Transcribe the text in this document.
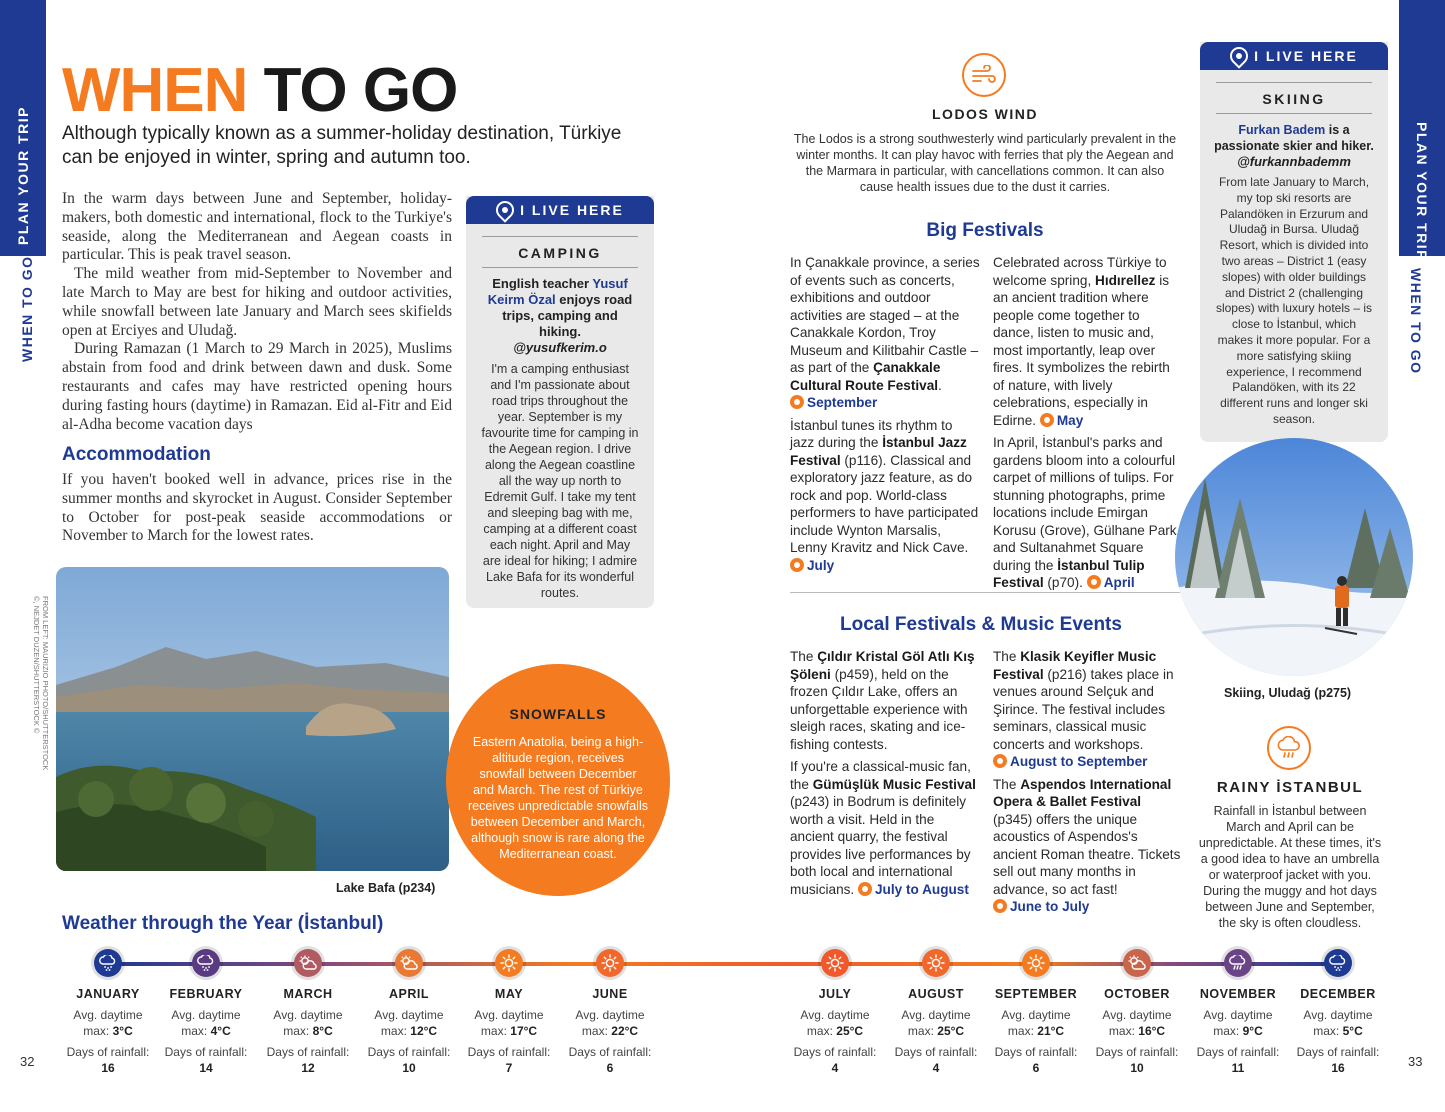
PLAN YOUR TRIP
WHEN TO GO
PLAN YOUR TRIP
WHEN TO GO
WHEN TO GO
Although typically known as a summer-holiday destination, Türkiye can be enjoyed in winter, spring and autumn too.

In the warm days between June and September, holiday-makers, both domestic and international, flock to the Turkiye's seaside, along the Mediterranean and Aegean coasts in particular. This is peak travel season.

The mild weather from mid-September to November and late March to May are best for hiking and outdoor activities, while snowfall between late January and March sees skifields open at Erciyes and Uludağ.

During Ramazan (1 March to 29 March in 2025), Muslims abstain from food and drink between dawn and dusk. Some restaurants and cafes may have restricted opening hours during fasting hours (daytime) in Ramazan. Eid al-Fitr and Eid al-Adha become vacation days

Accommodation
If you haven't booked well in advance, prices rise in the summer months and skyrocket in August. Consider September to October for post-peak seaside accommodations or November to March for the lowest rates.
I LIVE HERE
CAMPING
English teacher Yusuf Keirm Özal enjoys road trips, camping and hiking.
@yusufkerim.o
I'm a camping enthusiast and I'm passionate about road trips throughout the year. September is my favourite time for camping in the Aegean region. I drive along the Aegean coastline all the way up north to Edremit Gulf. I take my tent and sleeping bag with me, camping at a different coast each night. April and May are ideal for hiking; I admire Lake Bafa for its wonderful routes.
FROM LEFT: MAURIZIO PHOTO/SHUTTERSTOCK ©, NEJDET DUZEN/SHUTTERSTOCK ©
Lake Bafa (p234)
SNOWFALLS
Eastern Anatolia, being a high-altitude region, receives snowfall between December and March. The rest of Türkiye receives unpredictable snowfalls between December and March, although snow is rare along the Mediterranean coast.
LODOS WIND
The Lodos is a strong southwesterly wind particularly prevalent in the winter months. It can play havoc with ferries that ply the Aegean and the Marmara in particular, with cancellations common. It can also cause health issues due to the dust it carries.
Big Festivals

In Çanakkale province, a series of events such as concerts, exhibitions and outdoor activities are staged – at the Canakkale Kordon, Troy Museum and Kilitbahir Castle – as part of the Çanakkale Cultural Route Festival. September

İstanbul tunes its rhythm to jazz during the İstanbul Jazz Festival (p116). Classical and exploratory jazz feature, as do rock and pop. World-class performers to have participated include Wynton Marsalis, Lenny Kravitz and Nick Cave. July

Celebrated across Türkiye to welcome spring, Hıdırellez is an ancient tradition where people come together to dance, listen to music and, most importantly, leap over fires. It symbolizes the rebirth of nature, with lively celebrations, especially in Edirne. May

In April, İstanbul's parks and gardens bloom into a colourful carpet of millions of tulips. For stunning photographs, prime locations include Emirgan Korusu (Grove), Gülhane Park and Sultanahmet Square during the İstanbul Tulip Festival (p70). April

Local Festivals & Music Events

The Çıldır Kristal Göl Atlı Kış Şöleni (p459), held on the frozen Çıldır Lake, offers an unforgettable experience with sleigh races, skating and ice-fishing contests.

If you're a classical-music fan, the Gümüşlük Music Festival (p243) in Bodrum is definitely worth a visit. Held in the ancient quarry, the festival provides live performances by both local and international musicians. July to August

The Klasik Keyifler Music Festival (p216) takes place in venues around Selçuk and Şirince. The festival includes seminars, classical music concerts and workshops. August to September

The Aspendos International Opera & Ballet Festival (p345) offers the unique acoustics of Aspendos's ancient Roman theatre. Tickets sell out many months in advance, so act fast! June to July

I LIVE HERE
SKIING
Furkan Badem is a passionate skier and hiker.
@furkannbademm
From late January to March, my top ski resorts are Palandöken in Erzurum and Uludağ in Bursa. Uludağ Resort, which is divided into two areas – District 1 (easy slopes) with older buildings and District 2 (challenging slopes) with luxury hotels – is close to İstanbul, which makes it more popular. For a more satisfying skiing experience, I recommend Palandöken, with its 22 different runs and longer ski season.
Skiing, Uludağ (p275)
RAINY İSTANBUL
Rainfall in İstanbul between March and April can be unpredictable. At these times, it's a good idea to have an umbrella or waterproof jacket with you. During the muggy and hot days between June and September, the sky is often cloudless.
Weather through the Year (İstanbul)
JANUARY
Avg. daytime
max: 3°C
Days of rainfall:
16
FEBRUARY
Avg. daytime
max: 4°C
Days of rainfall:
14
MARCH
Avg. daytime
max: 8°C
Days of rainfall:
12
APRIL
Avg. daytime
max: 12°C
Days of rainfall:
10
MAY
Avg. daytime
max: 17°C
Days of rainfall:
7
JUNE
Avg. daytime
max: 22°C
Days of rainfall:
6
JULY
Avg. daytime
max: 25°C
Days of rainfall:
4
AUGUST
Avg. daytime
max: 25°C
Days of rainfall:
4
SEPTEMBER
Avg. daytime
max: 21°C
Days of rainfall:
6
OCTOBER
Avg. daytime
max: 16°C
Days of rainfall:
10
NOVEMBER
Avg. daytime
max: 9°C
Days of rainfall:
11
DECEMBER
Avg. daytime
max: 5°C
Days of rainfall:
16
32	33
